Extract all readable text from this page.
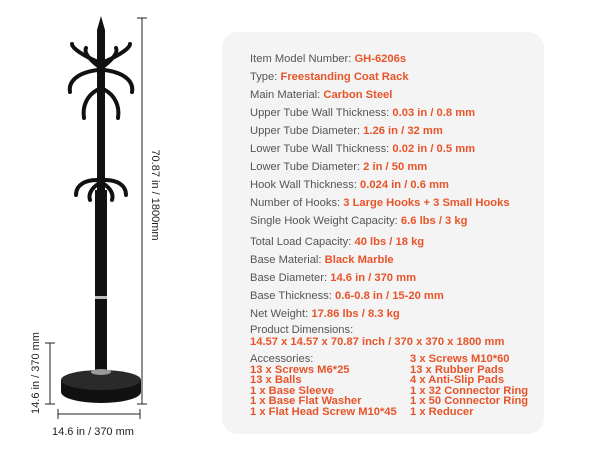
70.87 in / 1800mm
14.6 in / 370 mm
14.6 in / 370 mm
Item Model Number: GH-6206s
Type: Freestanding Coat Rack
Main Material: Carbon Steel
Upper Tube Wall Thickness: 0.03 in / 0.8 mm
Upper Tube Diameter: 1.26 in / 32 mm
Lower Tube Wall Thickness: 0.02 in / 0.5 mm
Lower Tube Diameter: 2 in / 50 mm
Hook Wall Thickness: 0.024 in / 0.6 mm
Number of Hooks: 3 Large Hooks + 3 Small Hooks
Single Hook Weight Capacity: 6.6 lbs / 3 kg
Total Load Capacity: 40 lbs / 18 kg
Base Material: Black Marble
Base Diameter: 14.6 in / 370 mm
Base Thickness: 0.6-0.8 in / 15-20 mm
Net Weight: 17.86 lbs / 8.3 kg
Product Dimensions:
14.57 x 14.57 x 70.87 inch / 370 x 370 x 1800 mm
Accessories:
13 x Screws M6*25
13 x Balls
1 x Base Sleeve
1 x Base Flat Washer
1 x Flat Head Screw M10*45
3 x Screws M10*60
13 x Rubber Pads
4 x Anti-Slip Pads
1 x 32 Connector Ring
1 x 50 Connector Ring
1 x Reducer
